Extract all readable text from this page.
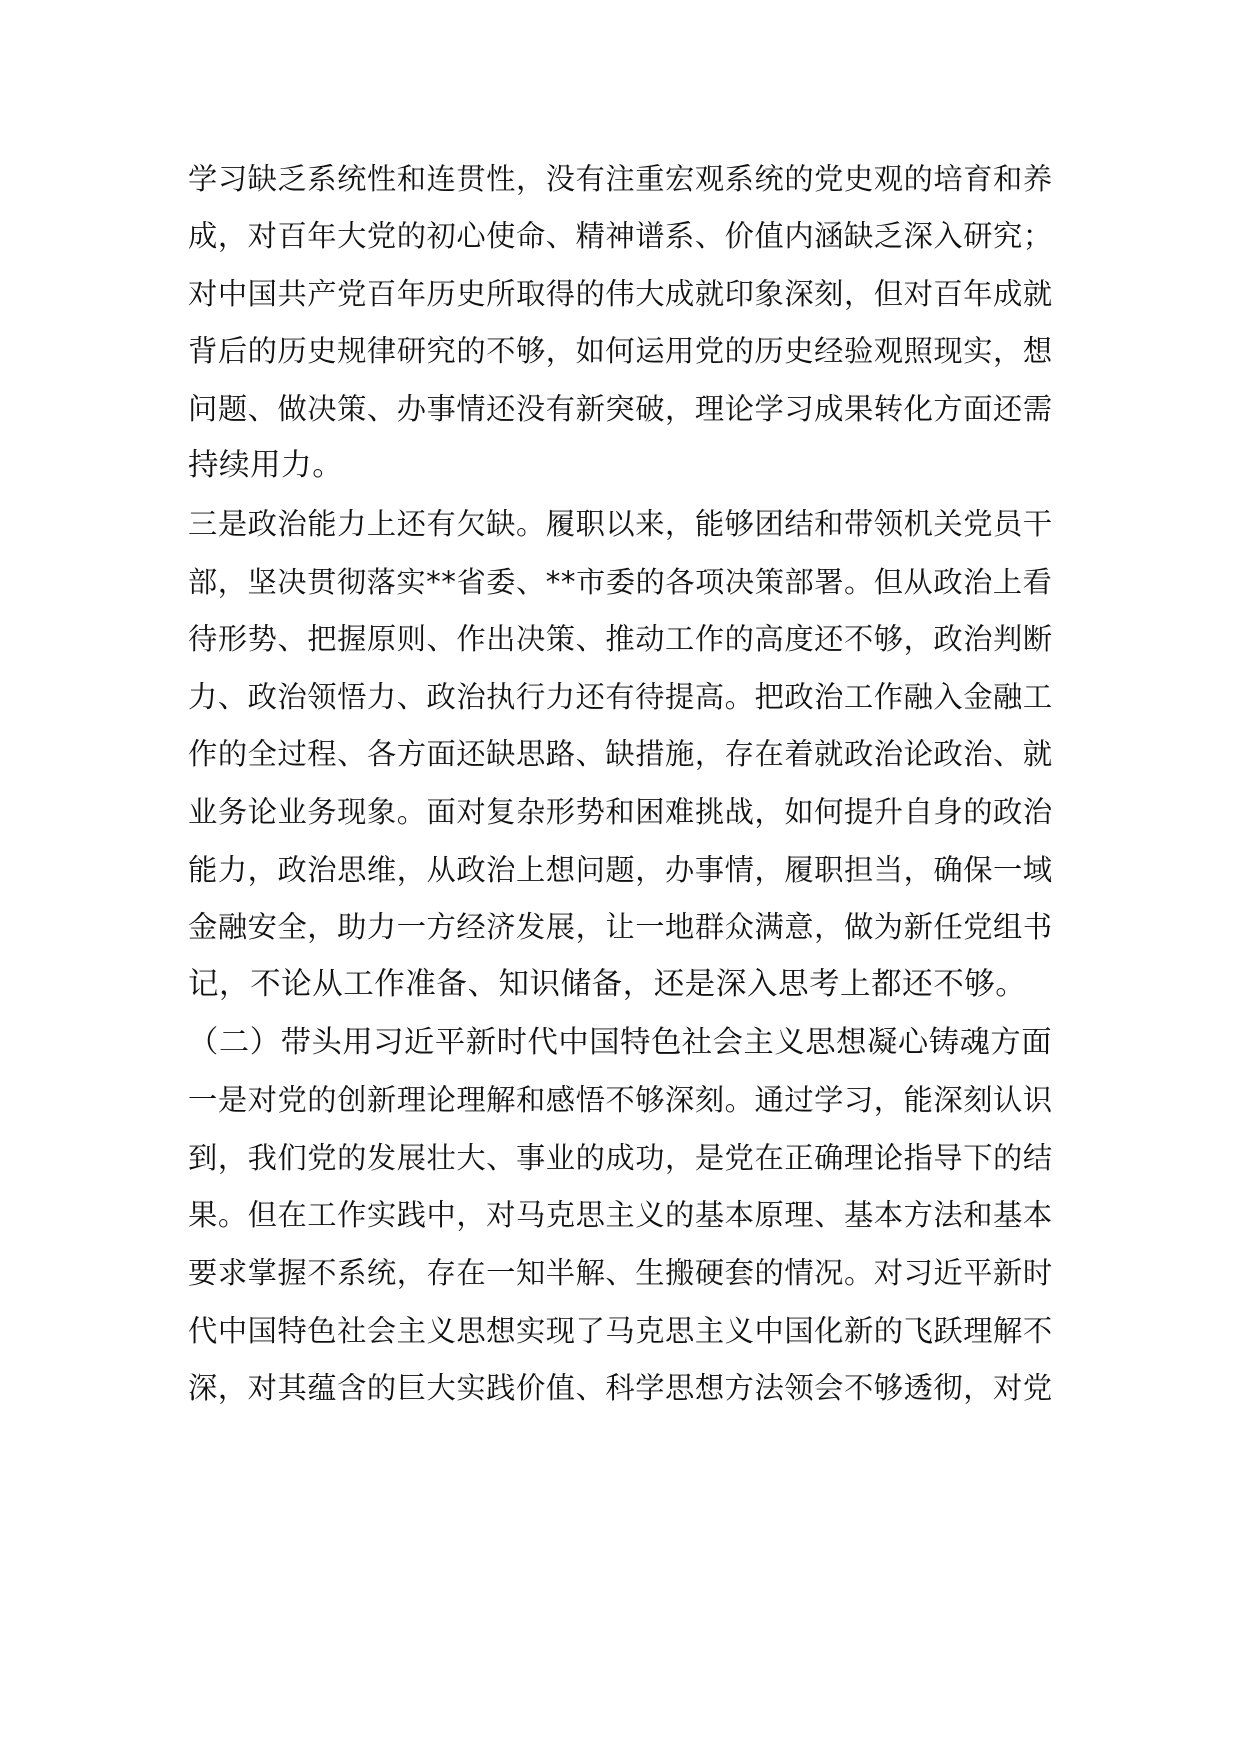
学习缺乏系统性和连贯性，没有注重宏观系统的党史观的培育和养
成，对百年大党的初心使命、精神谱系、价值内涵缺乏深入研究；
对中国共产党百年历史所取得的伟大成就印象深刻，但对百年成就
背后的历史规律研究的不够，如何运用党的历史经验观照现实，想
问题、做决策、办事情还没有新突破，理论学习成果转化方面还需
持续用力。
三是政治能力上还有欠缺。履职以来，能够团结和带领机关党员干
部，坚决贯彻落实**省委、**市委的各项决策部署。但从政治上看
待形势、把握原则、作出决策、推动工作的高度还不够，政治判断
力、政治领悟力、政治执行力还有待提高。把政治工作融入金融工
作的全过程、各方面还缺思路、缺措施，存在着就政治论政治、就
业务论业务现象。面对复杂形势和困难挑战，如何提升自身的政治
能力，政治思维，从政治上想问题，办事情，履职担当，确保一域
金融安全，助力一方经济发展，让一地群众满意，做为新任党组书
记，不论从工作准备、知识储备，还是深入思考上都还不够。
（二）带头用习近平新时代中国特色社会主义思想凝心铸魂方面
一是对党的创新理论理解和感悟不够深刻。通过学习，能深刻认识
到，我们党的发展壮大、事业的成功，是党在正确理论指导下的结
果。但在工作实践中，对马克思主义的基本原理、基本方法和基本
要求掌握不系统，存在一知半解、生搬硬套的情况。对习近平新时
代中国特色社会主义思想实现了马克思主义中国化新的飞跃理解不
深，对其蕴含的巨大实践价值、科学思想方法领会不够透彻，对党
